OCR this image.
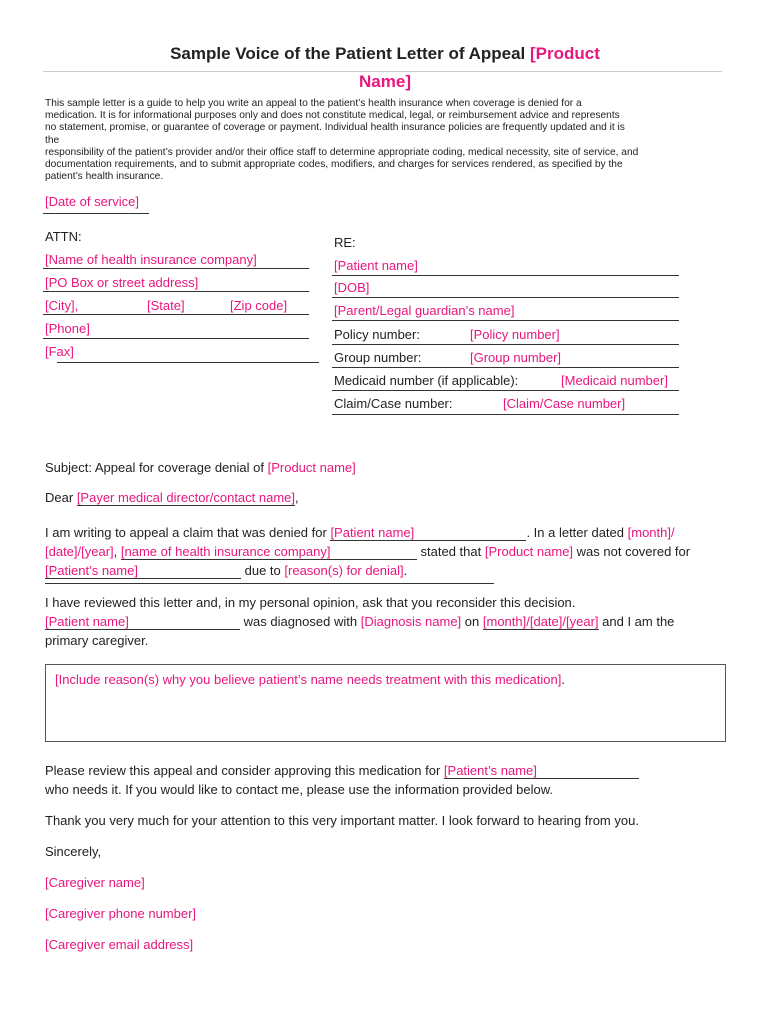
Sample Voice of the Patient Letter of Appeal [Product
Name]

This sample letter is a guide to help you write an appeal to the patient’s health insurance when coverage is denied for a

medication. It is for informational purposes only and does not constitute medical, legal, or reimbursement advice and represents

no statement, promise, or guarantee of coverage or payment. Individual health insurance policies are frequently updated and it is

the

responsibility of the patient’s provider and/or their office staff to determine appropriate coding, medical necessity, site of service, and

documentation requirements, and to submit appropriate codes, modifiers, and charges for services rendered, as specified by the

patient’s health insurance.

[Date of service]
ATTN:
[Name of health insurance company]
[PO Box or street address]
[City],	[State]	[Zip code]
[Phone]
[Fax]
RE:
[Patient name]
[DOB]
[Parent/Legal guardian’s name]
Policy number:	[Policy number]
Group number:	[Group number]
Medicaid number (if applicable):	[Medicaid number]
Claim/Case number:	[Claim/Case number]
Subject: Appeal for coverage denial of [Product name]
Dear [Payer medical director/contact name],
I am writing to appeal a claim that was denied for [Patient name]	. In a letter dated [month]/
[date]/[year], [name of health insurance company]	stated that [Product name] was not covered for
[Patient’s name]	due to [reason(s) for denial].
I have reviewed this letter and, in my personal opinion, ask that you reconsider this decision.
[Patient name]	was diagnosed with [Diagnosis name] on [month]/[date]/[year] and I am the
primary caregiver.
[Include reason(s) why you believe patient’s name needs treatment with this medication].
Please review this appeal and consider approving this medication for [Patient’s name]
who needs it. If you would like to contact me, please use the information provided below.
Thank you very much for your attention to this very important matter. I look forward to hearing from you.
Sincerely,
[Caregiver name]
[Caregiver phone number]
[Caregiver email address]
